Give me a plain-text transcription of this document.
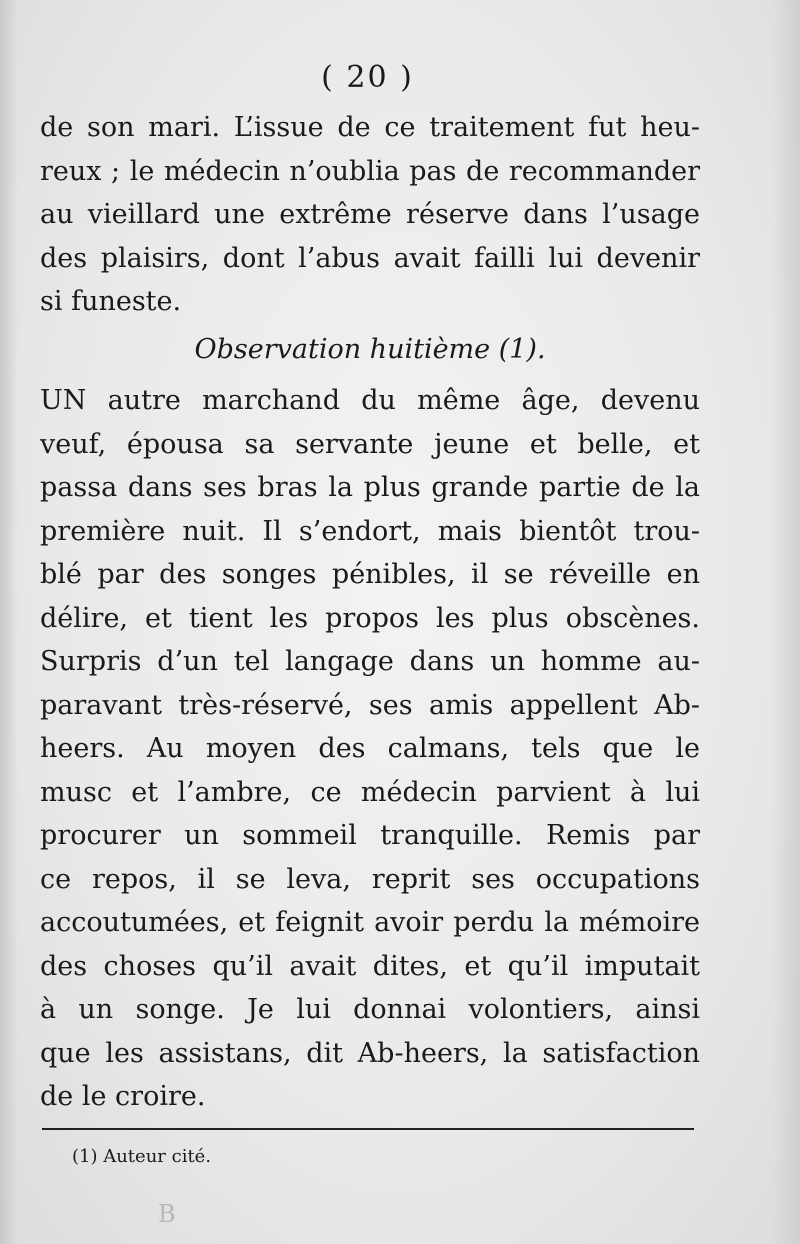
( 20 )
de son mari. L’issue de ce traitement fut heu-
reux ; le médecin n’oublia pas de recommander
au vieillard une extrême réserve dans l’usage
des plaisirs, dont l’abus avait failli lui devenir
si funeste.
Observation huitième (1).
UN autre marchand du même âge, devenu
veuf, épousa sa servante jeune et belle, et
passa dans ses bras la plus grande partie de la
première nuit. Il s’endort, mais bientôt trou-
blé par des songes pénibles, il se réveille en
délire, et tient les propos les plus obscènes.
Surpris d’un tel langage dans un homme au-
paravant très-réservé, ses amis appellent Ab-
heers. Au moyen des calmans, tels que le
musc et l’ambre, ce médecin parvient à lui
procurer un sommeil tranquille. Remis par
ce repos, il se leva, reprit ses occupations
accoutumées, et feignit avoir perdu la mémoire
des choses qu’il avait dites, et qu’il imputait
à un songe. Je lui donnai volontiers, ainsi
que les assistans, dit Ab-heers, la satisfaction
de le croire.
(1) Auteur cité.
B
